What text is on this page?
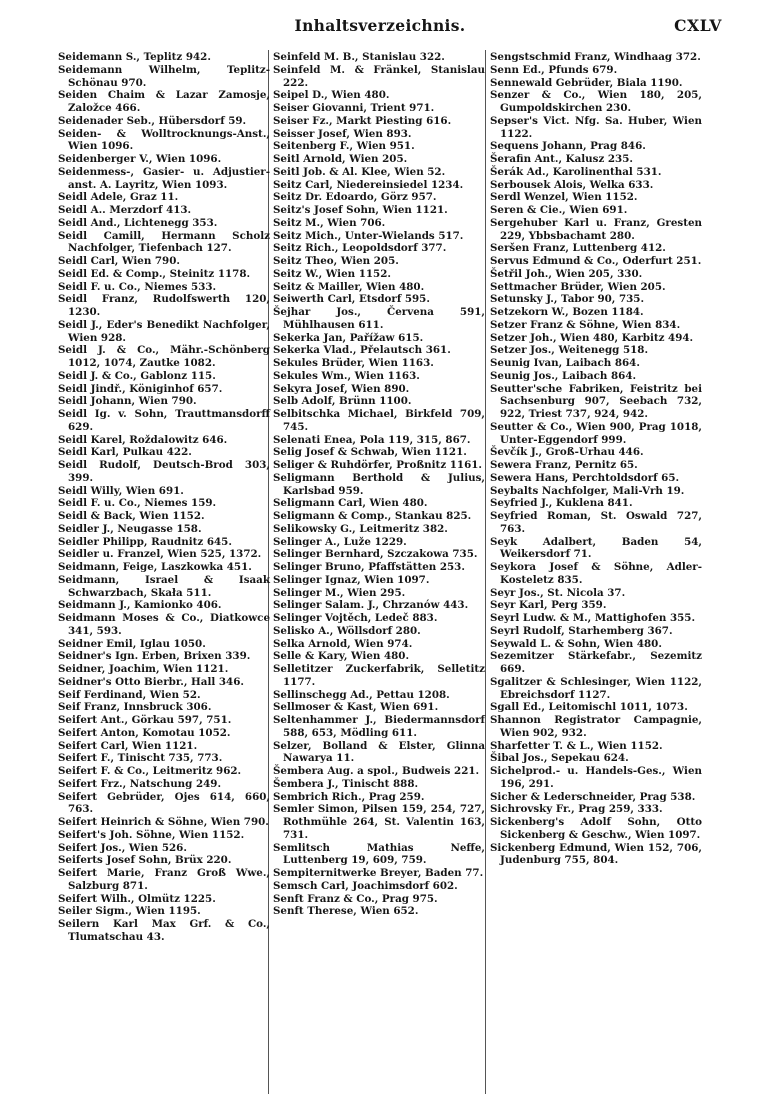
Inhaltsverzeichnis.	CXLV
Seidemann S., Teplitz 942.
Seidemann Wilhelm, Teplitz-Schönau 970.
Seiden Chaim & Lazar Zamosje, Založce 466.
Seidenader Seb., Hübersdorf 59.
Seiden- & Wolltrocknungs-Anst., Wien 1096.
Seidenberger V., Wien 1096.
Seidenmess-, Gasier- u. Adjustier-anst. A. Layritz, Wien 1093.
Seidl Adele, Graz 11.
Seidl A.. Merzdorf 413.
Seidl And., Lichtenegg 353.
Seidl Camill, Hermann Scholz Nachfolger, Tiefenbach 127.
Seidl Carl, Wien 790.
Seidl Ed. & Comp., Steinitz 1178.
Seidl F. u. Co., Niemes 533.
Seidl Franz, Rudolfswerth 120, 1230.
Seidl J., Eder's Benedikt Nachfolger, Wien 928.
Seidl J. & Co., Mähr.-Schönberg 1012, 1074, Zautke 1082.
Seidl J. & Co., Gablonz 115.
Seidl Jindř., Königinhof 657.
Seidl Johann, Wien 790.
Seidl Ig. v. Sohn, Trauttmansdorff 629.
Seidl Karel, Roždalowitz 646.
Seidl Karl, Pulkau 422.
Seidl Rudolf, Deutsch-Brod 303, 399.
Seidl Willy, Wien 691.
Seidl F. u. Co., Niemes 159.
Seidl & Back, Wien 1152.
Seidler J., Neugasse 158.
Seidler Philipp, Raudnitz 645.
Seidler u. Franzel, Wien 525, 1372.
Seidmann, Feige, Laszkowka 451.
Seidmann, Israel & Isaak Schwarzbach, Skała 511.
Seidmann J., Kamionko 406.
Seidmann Moses & Co., Diatkowce 341, 593.
Seidner Emil, Iglau 1050.
Seidner's Ign. Erben, Brixen 339.
Seidner, Joachim, Wien 1121.
Seidner's Otto Bierbr., Hall 346.
Seif Ferdinand, Wien 52.
Seif Franz, Innsbruck 306.
Seifert Ant., Görkau 597, 751.
Seifert Anton, Komotau 1052.
Seifert Carl, Wien 1121.
Seifert F., Tinischt 735, 773.
Seifert F. & Co., Leitmeritz 962.
Seifert Frz., Natschung 249.
Seifert Gebrüder, Ojes 614, 660, 763.
Seifert Heinrich & Söhne, Wien 790.
Seifert's Joh. Söhne, Wien 1152.
Seifert Jos., Wien 526.
Seiferts Josef Sohn, Brüx 220.
Seifert Marie, Franz Groß Wwe., Salzburg 871.
Seifert Wilh., Olmütz 1225.
Seiler Sigm., Wien 1195.
Seilern Karl Max Grf. & Co., Tlumatschau 43.
Seinfeld M. B., Stanislau 322.
Seinfeld M. & Fränkel, Stanislau 222.
Seipel D., Wien 480.
Seiser Giovanni, Trient 971.
Seiser Fz., Markt Piesting 616.
Seisser Josef, Wien 893.
Seitenberg F., Wien 951.
Seitl Arnold, Wien 205.
Seitl Job. & Al. Klee, Wien 52.
Seitz Carl, Niedereinsiedel 1234.
Seitz Dr. Edoardo, Görz 957.
Seitz's Josef Sohn, Wien 1121.
Seitz M., Wien 706.
Seitz Mich., Unter-Wielands 517.
Seitz Rich., Leopoldsdorf 377.
Seitz Theo, Wien 205.
Seitz W., Wien 1152.
Seitz & Mailler, Wien 480.
Seiwerth Carl, Etsdorf 595.
Šejhar Jos., Červena 591, Mühlhausen 611.
Sekerka Jan, Pařížaw 615.
Sekerka Vlad., Přelautsch 361.
Sekules Brüder, Wien 1163.
Sekules Wm., Wien 1163.
Sekyra Josef, Wien 890.
Selb Adolf, Brünn 1100.
Selbitschka Michael, Birkfeld 709, 745.
Selenati Enea, Pola 119, 315, 867.
Selig Josef & Schwab, Wien 1121.
Seliger & Ruhdörfer, Proßnitz 1161.
Seligmann Berthold & Julius, Karlsbad 959.
Seligmann Carl, Wien 480.
Seligmann & Comp., Stankau 825.
Selikowsky G., Leitmeritz 382.
Selinger A., Luže 1229.
Selinger Bernhard, Szczakowa 735.
Selinger Bruno, Pfaffstätten 253.
Selinger Ignaz, Wien 1097.
Selinger M., Wien 295.
Selinger Salam. J., Chrzanów 443.
Selinger Vojtěch, Ledeč 883.
Selisko A., Wöllsdorf 280.
Selka Arnold, Wien 974.
Selle & Kary, Wien 480.
Selletitzer Zuckerfabrik, Selletitz 1177.
Sellinschegg Ad., Pettau 1208.
Sellmoser & Kast, Wien 691.
Seltenhammer J., Biedermannsdorf 588, 653, Mödling 611.
Selzer, Bolland & Elster, Glinna Nawarya 11.
Šembera Aug. a spol., Budweis 221.
Šembera J., Tinischt 888.
Sembrich Rich., Prag 259.
Semler Simon, Pilsen 159, 254, 727, Rothmühle 264, St. Valentin 163, 731.
Semlitsch Mathias Neffe, Luttenberg 19, 609, 759.
Sempiternitwerke Breyer, Baden 77.
Semsch Carl, Joachimsdorf 602.
Senft Franz & Co., Prag 975.
Senft Therese, Wien 652.
Sengstschmid Franz, Windhaag 372.
Senn Ed., Pfunds 679.
Sennewald Gebrüder, Biala 1190.
Senzer & Co., Wien 180, 205, Gumpoldskirchen 230.
Sepser's Vict. Nfg. Sa. Huber, Wien 1122.
Sequens Johann, Prag 846.
Šerafin Ant., Kalusz 235.
Šerák Ad., Karolinenthal 531.
Serbousek Alois, Welka 633.
Serdl Wenzel, Wien 1152.
Seren & Cie., Wien 691.
Sergehuber Karl u. Franz, Gresten 229, Ybbsbachamt 280.
Seršen Franz, Luttenberg 412.
Servus Edmund & Co., Oderfurt 251.
Šetřil Joh., Wien 205, 330.
Settmacher Brüder, Wien 205.
Setunsky J., Tabor 90, 735.
Setzekorn W., Bozen 1184.
Setzer Franz & Söhne, Wien 834.
Setzer Joh., Wien 480, Karbitz 494.
Setzer Jos., Weitenegg 518.
Seunig Ivan, Laibach 864.
Seunig Jos., Laibach 864.
Seutter'sche Fabriken, Feistritz bei Sachsenburg 907, Seebach 732, 922, Triest 737, 924, 942.
Seutter & Co., Wien 900, Prag 1018, Unter-Eggendorf 999.
Ševčík J., Groß-Urhau 446.
Sewera Franz, Pernitz 65.
Sewera Hans, Perchtoldsdorf 65.
Seybalts Nachfolger, Mali-Vrh 19.
Seyfried J., Kuklena 841.
Seyfried Roman, St. Oswald 727, 763.
Seyk Adalbert, Baden 54, Weikersdorf 71.
Seykora Josef & Söhne, Adler-Kosteletz 835.
Seyr Jos., St. Nicola 37.
Seyr Karl, Perg 359.
Seyrl Ludw. & M., Mattighofen 355.
Seyrl Rudolf, Starhemberg 367.
Seywald L. & Sohn, Wien 480.
Sezemitzer Stärkefabr., Sezemitz 669.
Sgalitzer & Schlesinger, Wien 1122, Ebreichsdorf 1127.
Sgall Ed., Leitomischl 1011, 1073.
Shannon Registrator Campagnie, Wien 902, 932.
Sharfetter T. & L., Wien 1152.
Šibal Jos., Sepekau 624.
Sichelprod.- u. Handels-Ges., Wien 196, 291.
Sicher & Lederschneider, Prag 538.
Sichrovsky Fr., Prag 259, 333.
Sickenberg's Adolf Sohn, Otto Sickenberg & Geschw., Wien 1097.
Sickenberg Edmund, Wien 152, 706, Judenburg 755, 804.
